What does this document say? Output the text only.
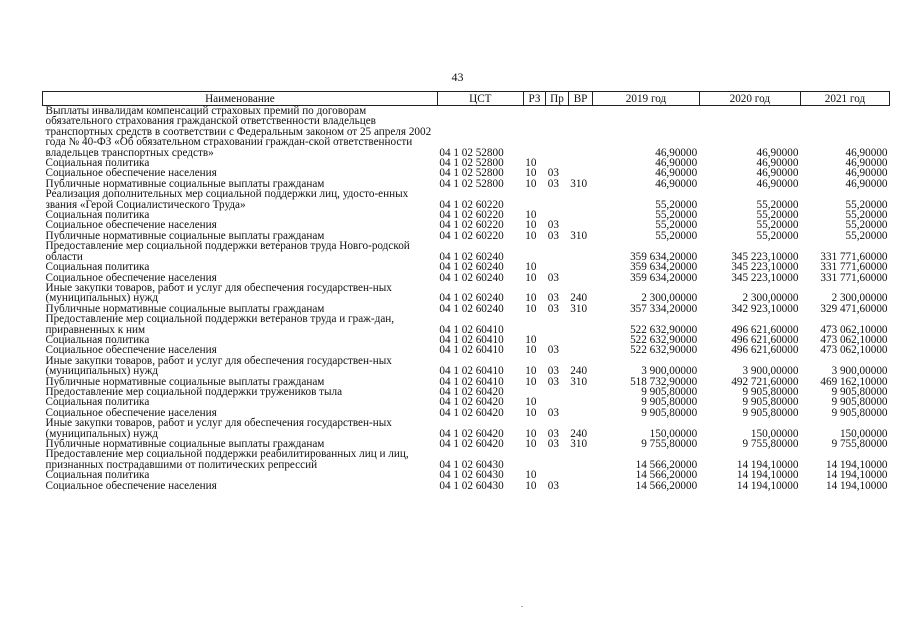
43
Наименование	ЦСТ	РЗ	Пр	ВР	2019 год	2020 год	2021 год
Выплаты инвалидам компенсаций страховых премий по договорам обязательного страхования гражданской ответственности владельцев транспортных средств в соответствии с Федеральным законом от 25 апреля 2002 года № 40-ФЗ «Об обязательном страховании граждан-ской ответственности владельцев транспортных средств»	04 1 02 52800				46,90000	46,90000	46,90000
Социальная политика	04 1 02 52800	10			46,90000	46,90000	46,90000
Социальное обеспечение населения	04 1 02 52800	10	03		46,90000	46,90000	46,90000
Публичные нормативные социальные выплаты гражданам	04 1 02 52800	10	03	310	46,90000	46,90000	46,90000
Реализация дополнительных мер социальной поддержки лиц, удосто-енных звания «Герой Социалистического Труда»	04 1 02 60220				55,20000	55,20000	55,20000
Социальная политика	04 1 02 60220	10			55,20000	55,20000	55,20000
Социальное обеспечение населения	04 1 02 60220	10	03		55,20000	55,20000	55,20000
Публичные нормативные социальные выплаты гражданам	04 1 02 60220	10	03	310	55,20000	55,20000	55,20000
Предоставление мер социальной поддержки ветеранов труда Новго-родской области	04 1 02 60240				359 634,20000	345 223,10000	331 771,60000
Социальная политика	04 1 02 60240	10			359 634,20000	345 223,10000	331 771,60000
Социальное обеспечение населения	04 1 02 60240	10	03		359 634,20000	345 223,10000	331 771,60000
Иные закупки товаров, работ и услуг для обеспечения государствен-ных (муниципальных) нужд	04 1 02 60240	10	03	240	2 300,00000	2 300,00000	2 300,00000
Публичные нормативные социальные выплаты гражданам	04 1 02 60240	10	03	310	357 334,20000	342 923,10000	329 471,60000
Предоставление мер социальной поддержки ветеранов труда и граж-дан, приравненных к ним	04 1 02 60410				522 632,90000	496 621,60000	473 062,10000
Социальная политика	04 1 02 60410	10			522 632,90000	496 621,60000	473 062,10000
Социальное обеспечение населения	04 1 02 60410	10	03		522 632,90000	496 621,60000	473 062,10000
Иные закупки товаров, работ и услуг для обеспечения государствен-ных (муниципальных) нужд	04 1 02 60410	10	03	240	3 900,00000	3 900,00000	3 900,00000
Публичные нормативные социальные выплаты гражданам	04 1 02 60410	10	03	310	518 732,90000	492 721,60000	469 162,10000
Предоставление мер социальной поддержки тружеников тыла	04 1 02 60420				9 905,80000	9 905,80000	9 905,80000
Социальная политика	04 1 02 60420	10			9 905,80000	9 905,80000	9 905,80000
Социальное обеспечение населения	04 1 02 60420	10	03		9 905,80000	9 905,80000	9 905,80000
Иные закупки товаров, работ и услуг для обеспечения государствен-ных (муниципальных) нужд	04 1 02 60420	10	03	240	150,00000	150,00000	150,00000
Публичные нормативные социальные выплаты гражданам	04 1 02 60420	10	03	310	9 755,80000	9 755,80000	9 755,80000
Предоставление мер социальной поддержки реабилитированных лиц и лиц, признанных пострадавшими от политических репрессий	04 1 02 60430				14 566,20000	14 194,10000	14 194,10000
Социальная политика	04 1 02 60430	10			14 566,20000	14 194,10000	14 194,10000
Социальное обеспечение населения	04 1 02 60430	10	03		14 566,20000	14 194,10000	14 194,10000
